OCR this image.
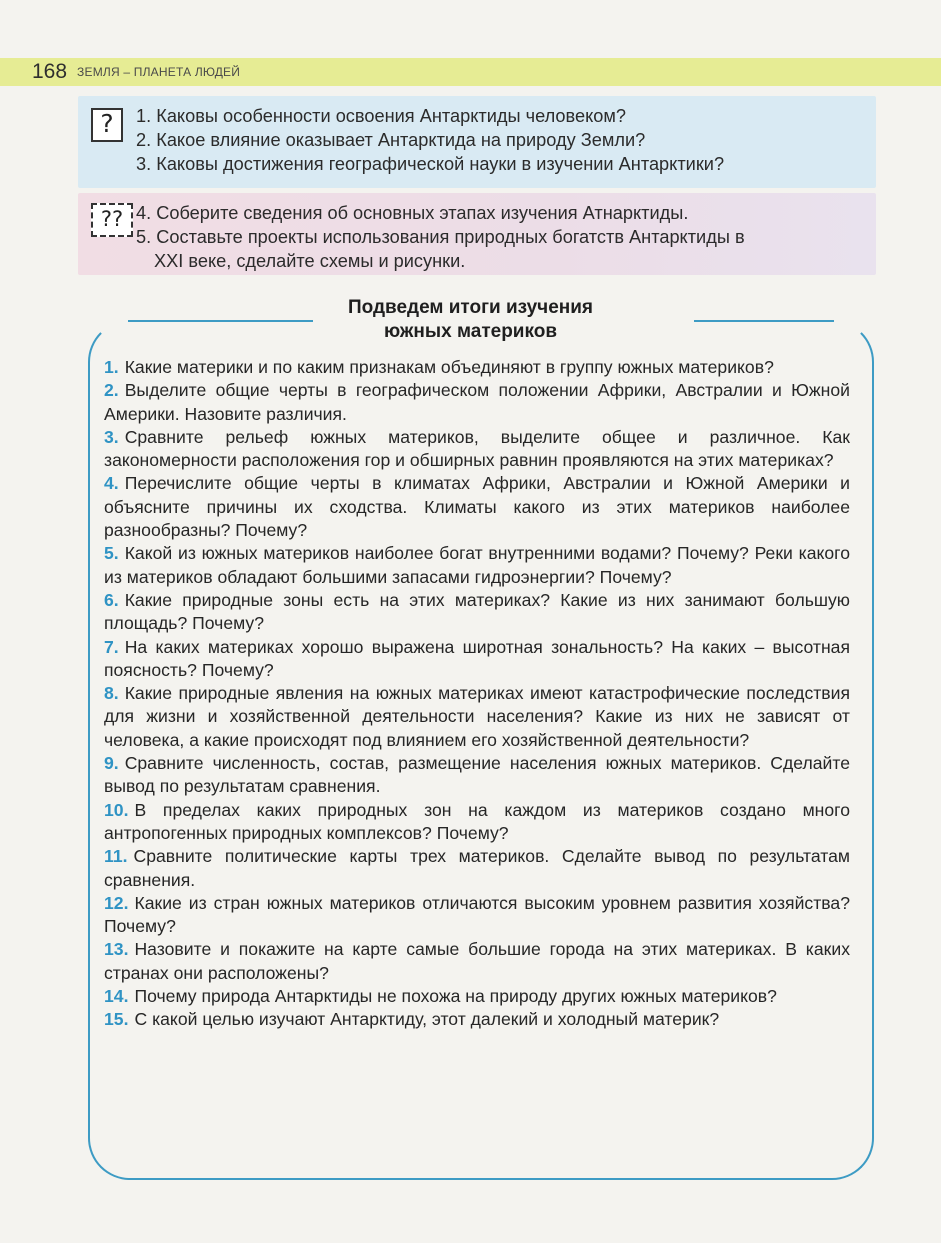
168 ЗЕМЛЯ – ПЛАНЕТА ЛЮДЕЙ
?	1. Каковы особенности освоения Антарктиды человеком?
2. Какое влияние оказывает Антарктида на природу Земли?
3. Каковы достижения географической науки в изучении Антарктики?
?? 4. Соберите сведения об основных этапах изучения Атнарктиды.
5. Составьте проекты использования природных богатств Антарктиды в
XXI веке, сделайте схемы и рисунки.
Подведем итоги изучения
южных материков
1. Какие материки и по каким признакам объединяют в группу южных материков?
2. Выделите общие черты в географическом положении Африки, Австралии и Южной Америки. Назовите различия.
3. Сравните рельеф южных материков, выделите общее и различное. Как закономерности расположения гор и обширных равнин проявляются на этих материках?
4. Перечислите общие черты в климатах Африки, Австралии и Южной Америки и объясните причины их сходства. Климаты какого из этих материков наиболее разнообразны? Почему?
5. Какой из южных материков наиболее богат внутренними водами? Почему? Реки какого из материков обладают большими запасами гидроэнергии? Почему?
6. Какие природные зоны есть на этих материках? Какие из них занимают большую площадь? Почему?
7. На каких материках хорошо выражена широтная зональность? На каких – высотная поясность? Почему?
8. Какие природные явления на южных материках имеют катастрофические последствия для жизни и хозяйственной деятельности населения? Какие из них не зависят от человека, а какие происходят под влиянием его хозяйственной деятельности?
9. Сравните численность, состав, размещение населения южных материков. Сделайте вывод по результатам сравнения.
10. В пределах каких природных зон на каждом из материков создано много антропогенных природных комплексов? Почему?
11. Сравните политические карты трех материков. Сделайте вывод по результатам сравнения.
12. Какие из стран южных материков отличаются высоким уровнем развития хозяйства? Почему?
13. Назовите и покажите на карте самые большие города на этих материках. В каких странах они расположены?
14. Почему природа Антарктиды не похожа на природу других южных материков?
15. С какой целью изучают Антарктиду, этот далекий и холодный материк?
